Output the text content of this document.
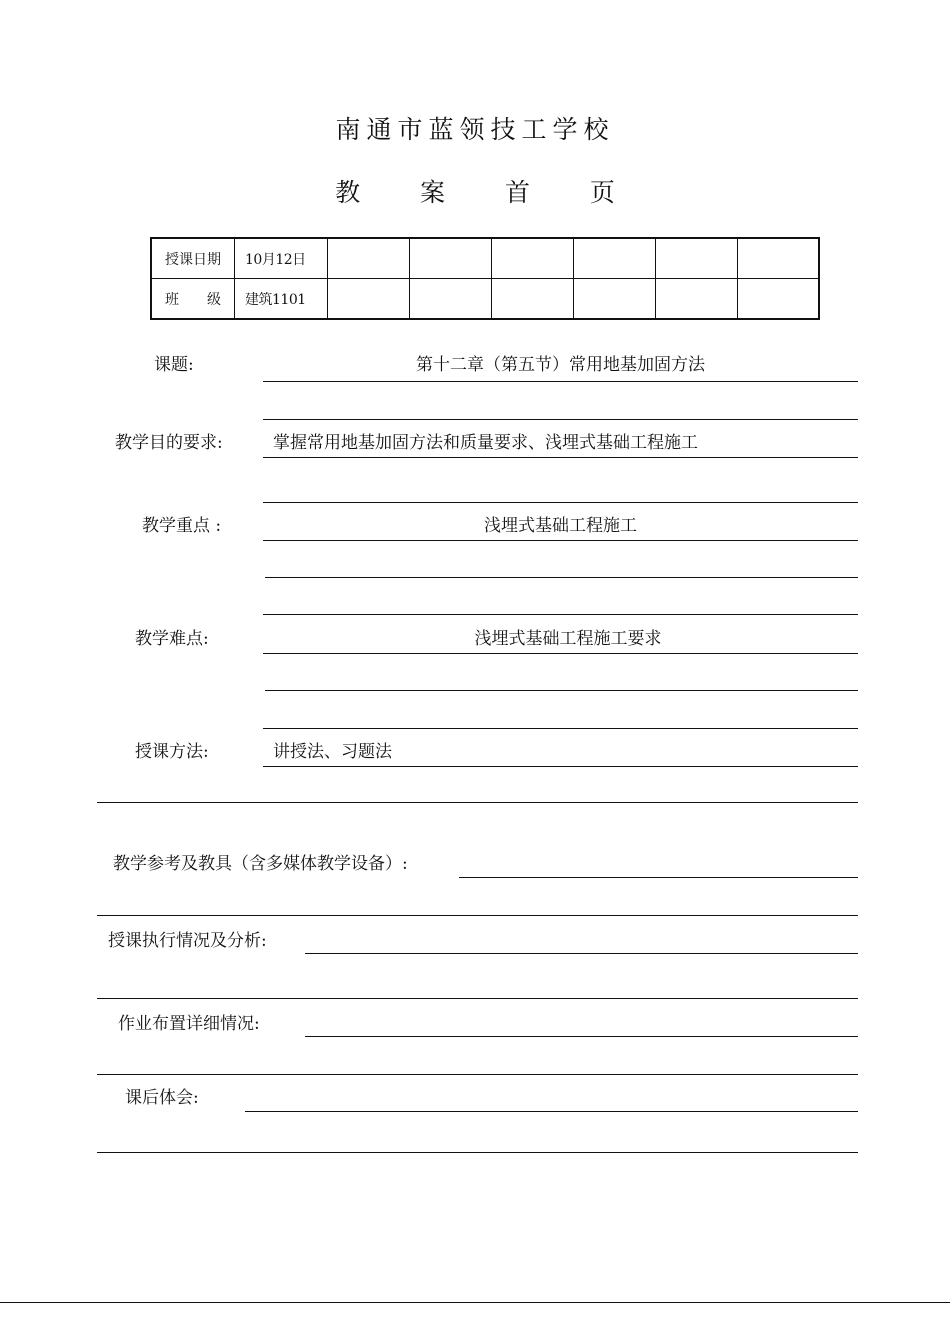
南通市蓝领技工学校
教 案 首 页
授课日期	10月12日						
班　　级	建筑1101						
课题:	第十二章（第五节）常用地基加固方法
教学目的要求:	掌握常用地基加固方法和质量要求、浅埋式基础工程施工
教学重点 :	浅埋式基础工程施工
教学难点:	浅埋式基础工程施工要求
授课方法:	讲授法、习题法
教学参考及教具（含多媒体教学设备）:
授课执行情况及分析:
作业布置详细情况:
课后体会:
